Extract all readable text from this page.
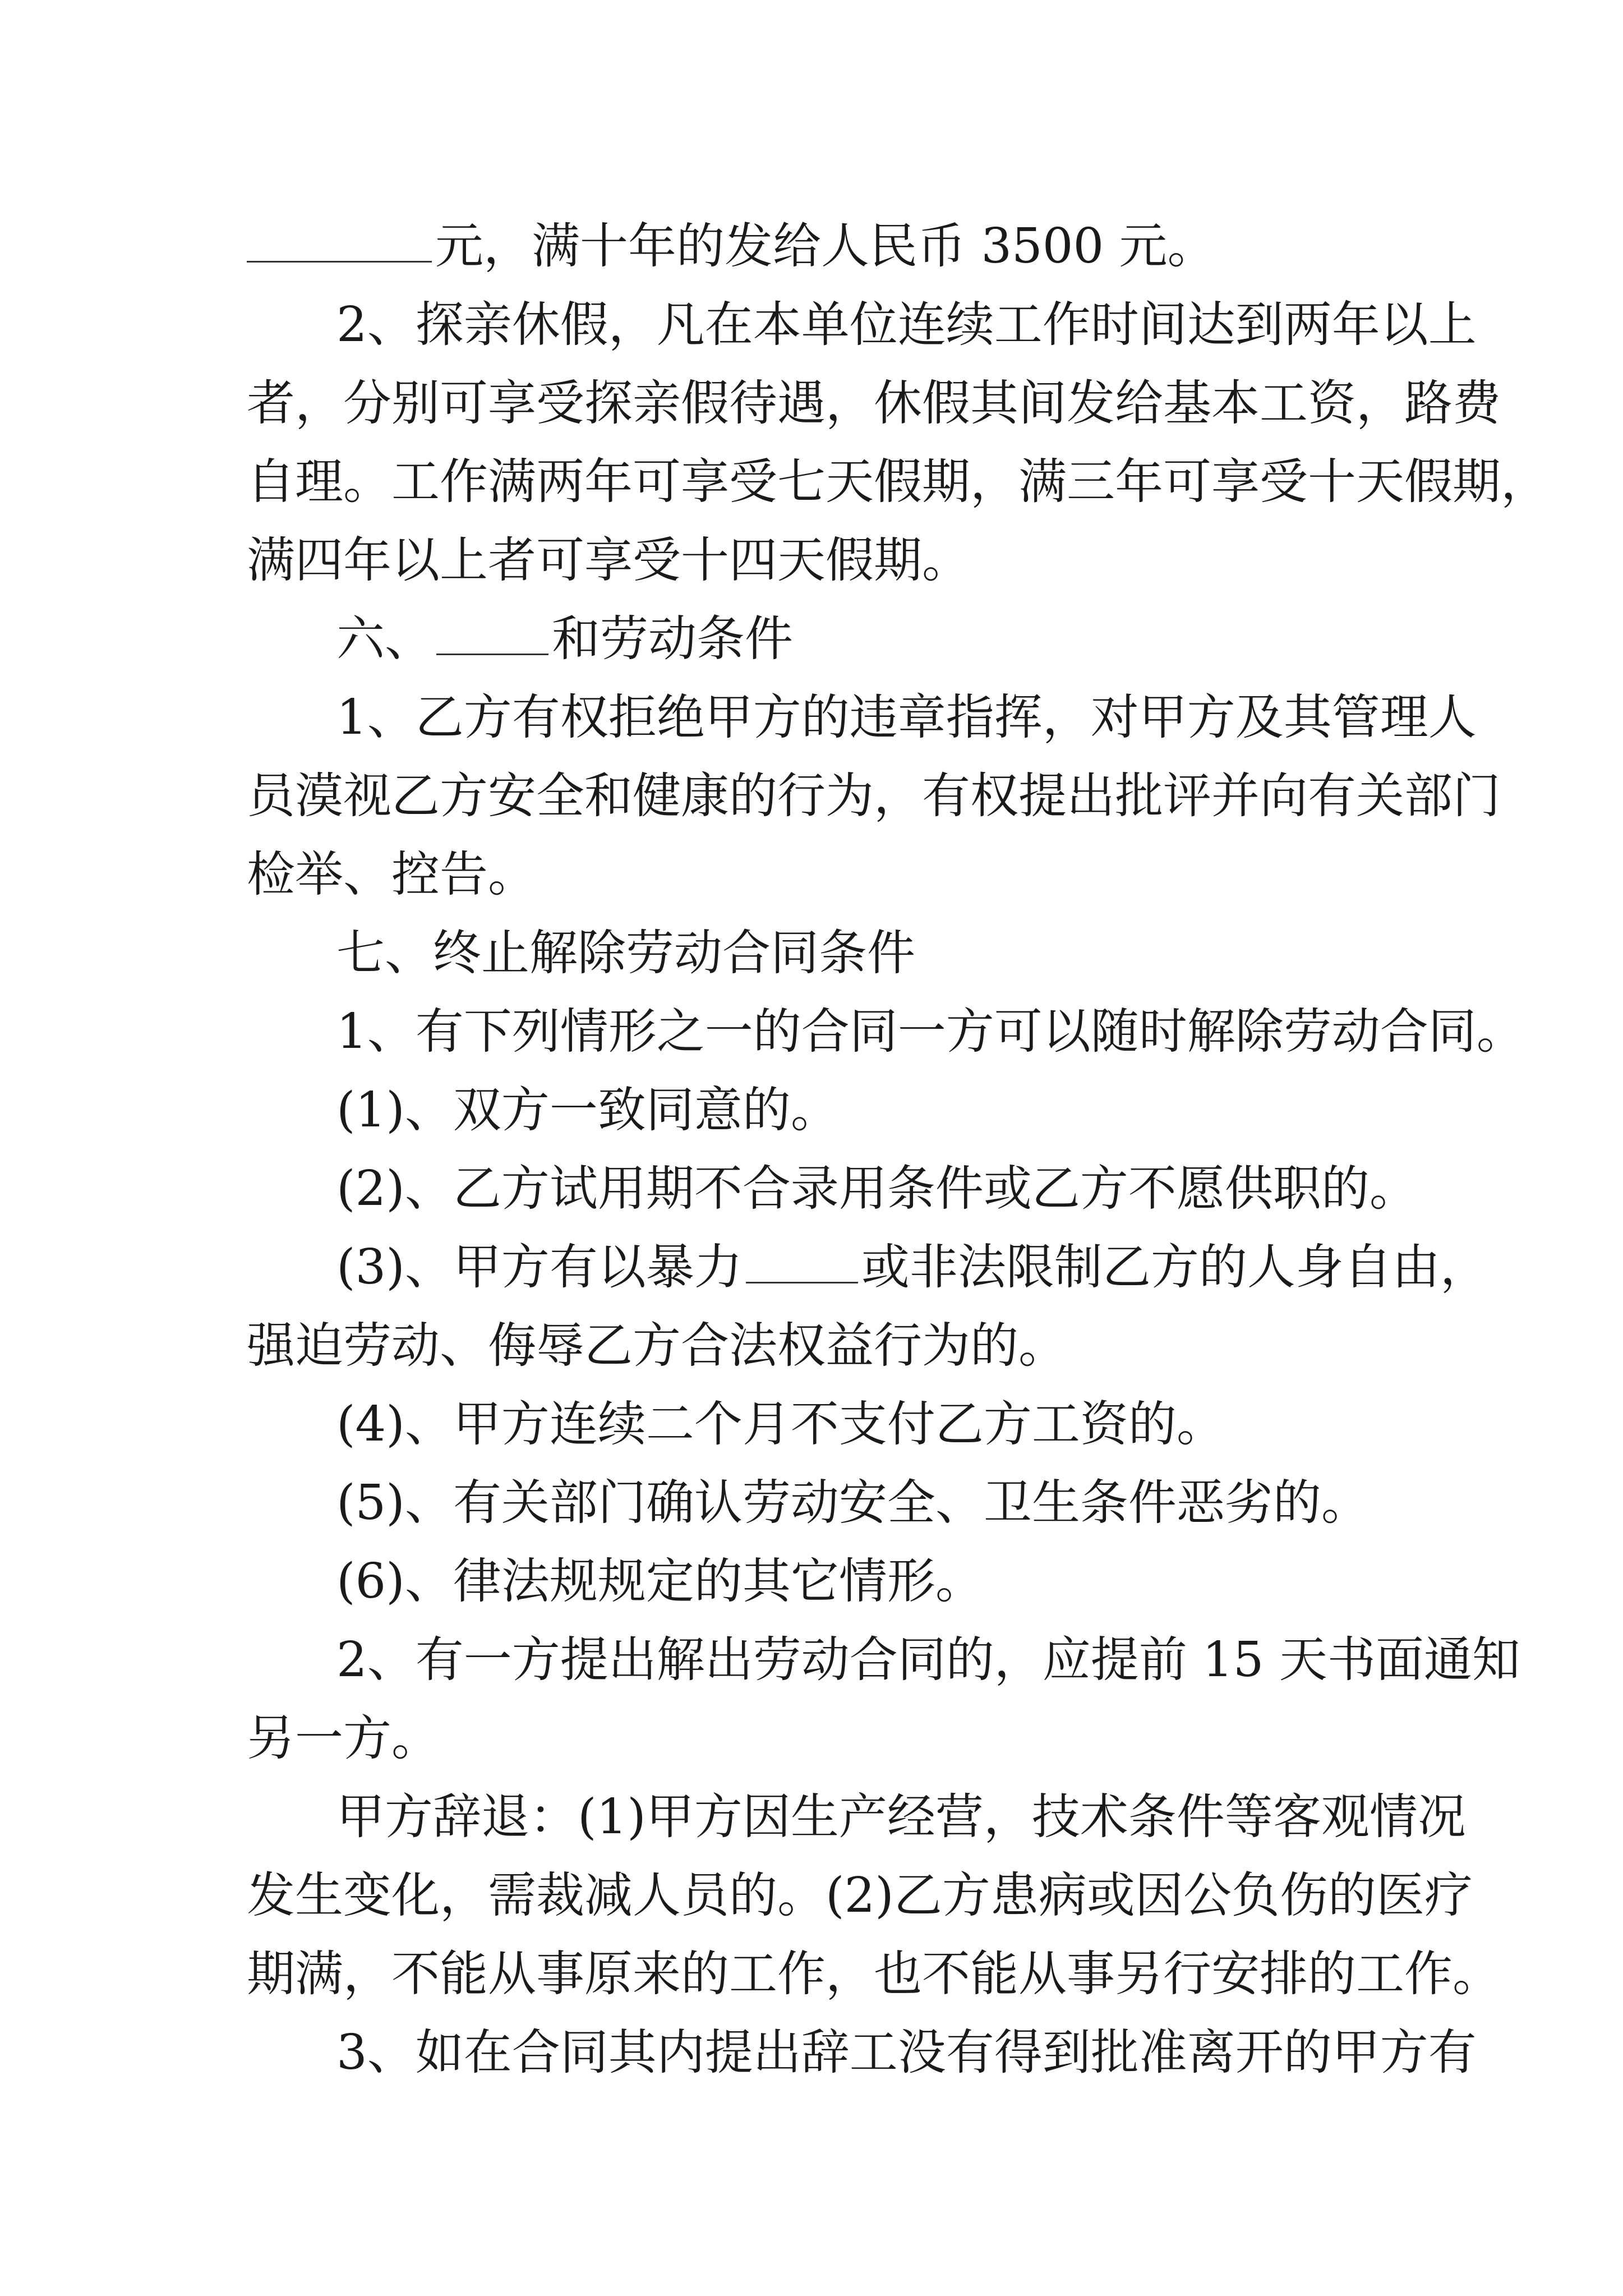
元，满十年的发给人民币 3500 元。
2、探亲休假，凡在本单位连续工作时间达到两年以上
者，分别可享受探亲假待遇，休假其间发给基本工资，路费
自理。工作满两年可享受七天假期，满三年可享受十天假期，
满四年以上者可享受十四天假期。
六、 和劳动条件
1、乙方有权拒绝甲方的违章指挥，对甲方及其管理人
员漠视乙方安全和健康的行为，有权提出批评并向有关部门
检举、控告。
七、终止解除劳动合同条件
1、有下列情形之一的合同一方可以随时解除劳动合同。
(1)、双方一致同意的。
(2)、乙方试用期不合录用条件或乙方不愿供职的。
(3)、甲方有以暴力 或非法限制乙方的人身自由，
强迫劳动、侮辱乙方合法权益行为的。
(4)、甲方连续二个月不支付乙方工资的。
(5)、有关部门确认劳动安全、卫生条件恶劣的。
(6)、律法规规定的其它情形。
2、有一方提出解出劳动合同的，应提前 15 天书面通知
另一方。
甲方辞退：(1)甲方因生产经营，技术条件等客观情况
发生变化，需裁减人员的。(2)乙方患病或因公负伤的医疗
期满，不能从事原来的工作，也不能从事另行安排的工作。
3、如在合同其内提出辞工没有得到批准离开的甲方有
